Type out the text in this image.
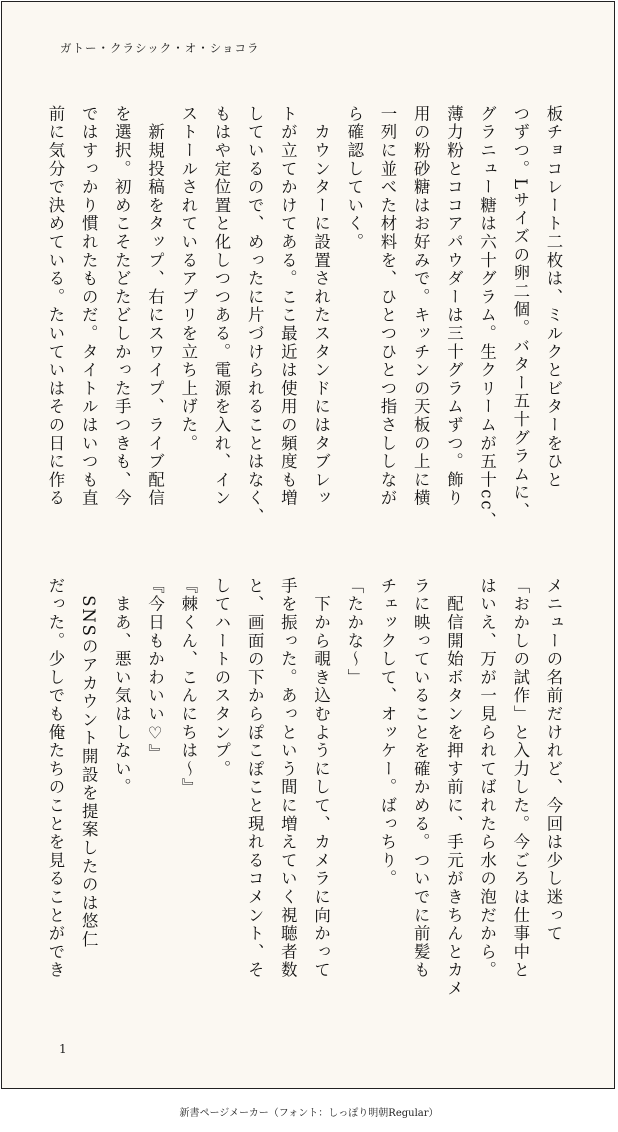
ガトー・クラシック・オ・ショコラ
板チョコレート二枚は、ミルクとビターをひと
つずつ。Lサイズの卵二個。バター五十グラムに、
グラニュー糖は六十グラム。生クリームが五十cc、
薄力粉とココアパウダーは三十グラムずつ。飾り
用の粉砂糖はお好みで。キッチンの天板の上に横
一列に並べた材料を、ひとつひとつ指さししなが
ら確認していく。
　カウンターに設置されたスタンドにはタブレッ
トが立てかけてある。ここ最近は使用の頻度も増
しているので、めったに片づけられることはなく、
もはや定位置と化しつつある。電源を入れ、イン
ストールされているアプリを立ち上げた。
　新規投稿をタップ、右にスワイプ、ライブ配信
を選択。初めこそたどたどしかった手つきも、今
ではすっかり慣れたものだ。タイトルはいつも直
前に気分で決めている。たいていはその日に作る
メニューの名前だけれど、今回は少し迷って
「おかしの試作」と入力した。今ごろは仕事中と
はいえ、万が一見られてばれたら水の泡だから。
　配信開始ボタンを押す前に、手元がきちんとカメ
ラに映っていることを確かめる。ついでに前髪も
チェックして、オッケー。ばっちり。
「たかな〜」
　下から覗き込むようにして、カメラに向かって
手を振った。あっという間に増えていく視聴者数
と、画面の下からぽこぽこと現れるコメント、そ
してハートのスタンプ。
『棘くん、こんにちは〜』
『今日もかわいい♡』
　まあ、悪い気はしない。
　SNSのアカウント開設を提案したのは悠仁
だった。少しでも俺たちのことを見ることができ
1
新書ページメーカー（フォント：しっぽり明朝Regular）
